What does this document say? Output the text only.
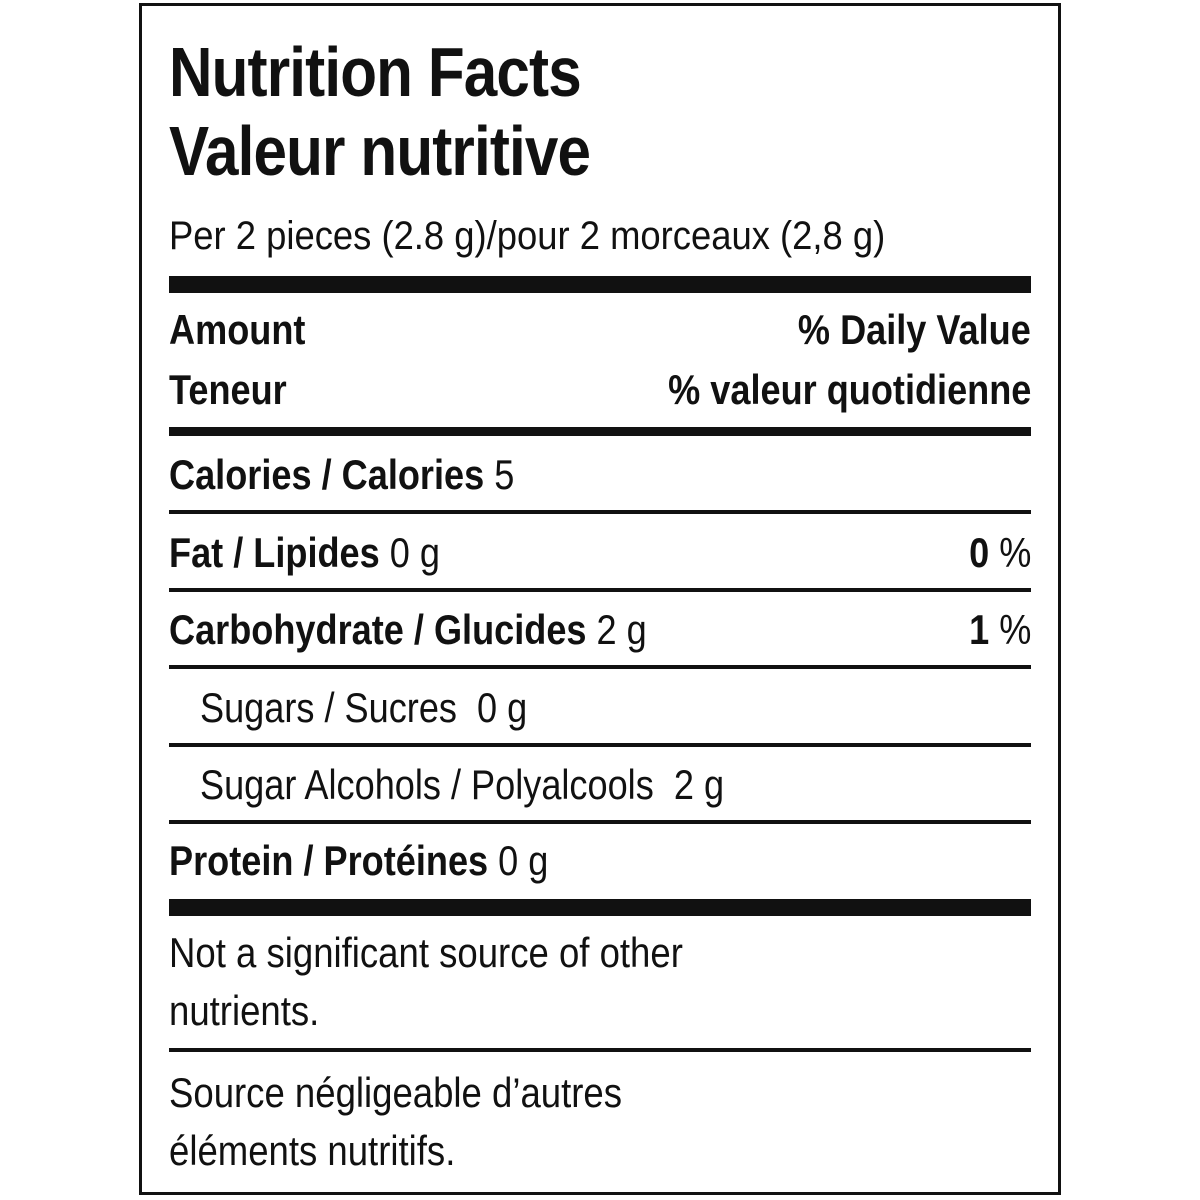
Nutrition Facts
Valeur nutritive
Per 2 pieces (2.8 g)/pour 2 morceaux (2,8 g)
Amount	% Daily Value
Teneur	% valeur quotidienne
Calories / Calories 5
Fat / Lipides 0 g	0 %
Carbohydrate / Glucides 2 g	1 %
Sugars / Sucres 0 g
Sugar Alcohols / Polyalcools 2 g
Protein / Protéines 0 g
Not a significant source of other
nutrients.
Source négligeable d’autres
éléments nutritifs.
